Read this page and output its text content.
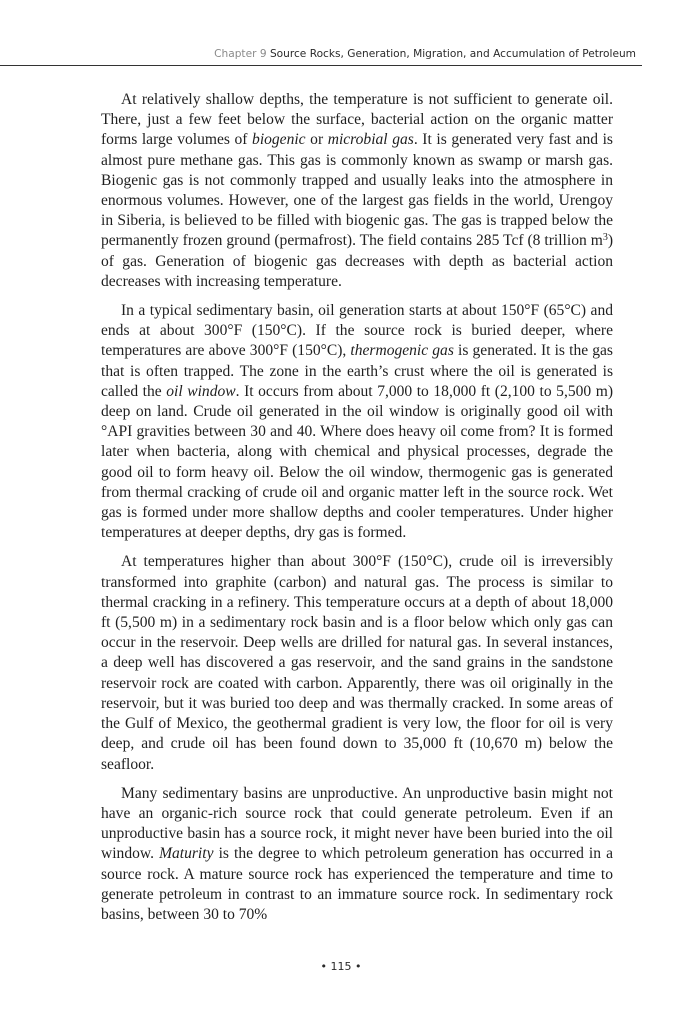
Chapter 9 Source Rocks, Generation, Migration, and Accumulation of Petroleum

At relatively shallow depths, the temperature is not sufficient to generate oil. There, just a few feet below the surface, bacterial action on the organic matter forms large volumes of biogenic or microbial gas. It is generated very fast and is almost pure methane gas. This gas is commonly known as swamp or marsh gas. Biogenic gas is not commonly trapped and usually leaks into the atmosphere in enormous volumes. However, one of the largest gas fields in the world, Urengoy in Siberia, is believed to be filled with biogenic gas. The gas is trapped below the permanently frozen ground (permafrost). The field contains 285 Tcf (8 trillion $m^3$) of gas. Generation of biogenic gas decreases with depth as bacterial action decreases with increasing temperature.

In a typical sedimentary basin, oil generation starts at about 150°F (65°C) and ends at about 300°F (150°C). If the source rock is buried deeper, where temperatures are above 300°F (150°C), thermogenic gas is generated. It is the gas that is often trapped. The zone in the earth’s crust where the oil is generated is called the oil window. It occurs from about 7,000 to 18,000 ft (2,100 to 5,500 m) deep on land. Crude oil generated in the oil window is originally good oil with °API gravities between 30 and 40. Where does heavy oil come from? It is formed later when bacteria, along with chemical and physical processes, degrade the good oil to form heavy oil. Below the oil window, thermogenic gas is generated from thermal cracking of crude oil and organic matter left in the source rock. Wet gas is formed under more shallow depths and cooler temperatures. Under higher temperatures at deeper depths, dry gas is formed.

At temperatures higher than about 300°F (150°C), crude oil is irreversibly transformed into graphite (carbon) and natural gas. The process is similar to thermal cracking in a refinery. This temperature occurs at a depth of about 18,000 ft (5,500 m) in a sedimentary rock basin and is a floor below which only gas can occur in the reservoir. Deep wells are drilled for natural gas. In several instances, a deep well has discovered a gas reservoir, and the sand grains in the sandstone reservoir rock are coated with carbon. Apparently, there was oil originally in the reservoir, but it was buried too deep and was thermally cracked. In some areas of the Gulf of Mexico, the geothermal gradient is very low, the floor for oil is very deep, and crude oil has been found down to 35,000 ft (10,670 m) below the seafloor.

Many sedimentary basins are unproductive. An unproductive basin might not have an organic-rich source rock that could generate petroleum. Even if an unproductive basin has a source rock, it might never have been buried into the oil window. Maturity is the degree to which petroleum generation has occurred in a source rock. A mature source rock has experienced the temperature and time to generate petroleum in contrast to an immature source rock. In sedimentary rock basins, between 30 to 70%

• 115 •
